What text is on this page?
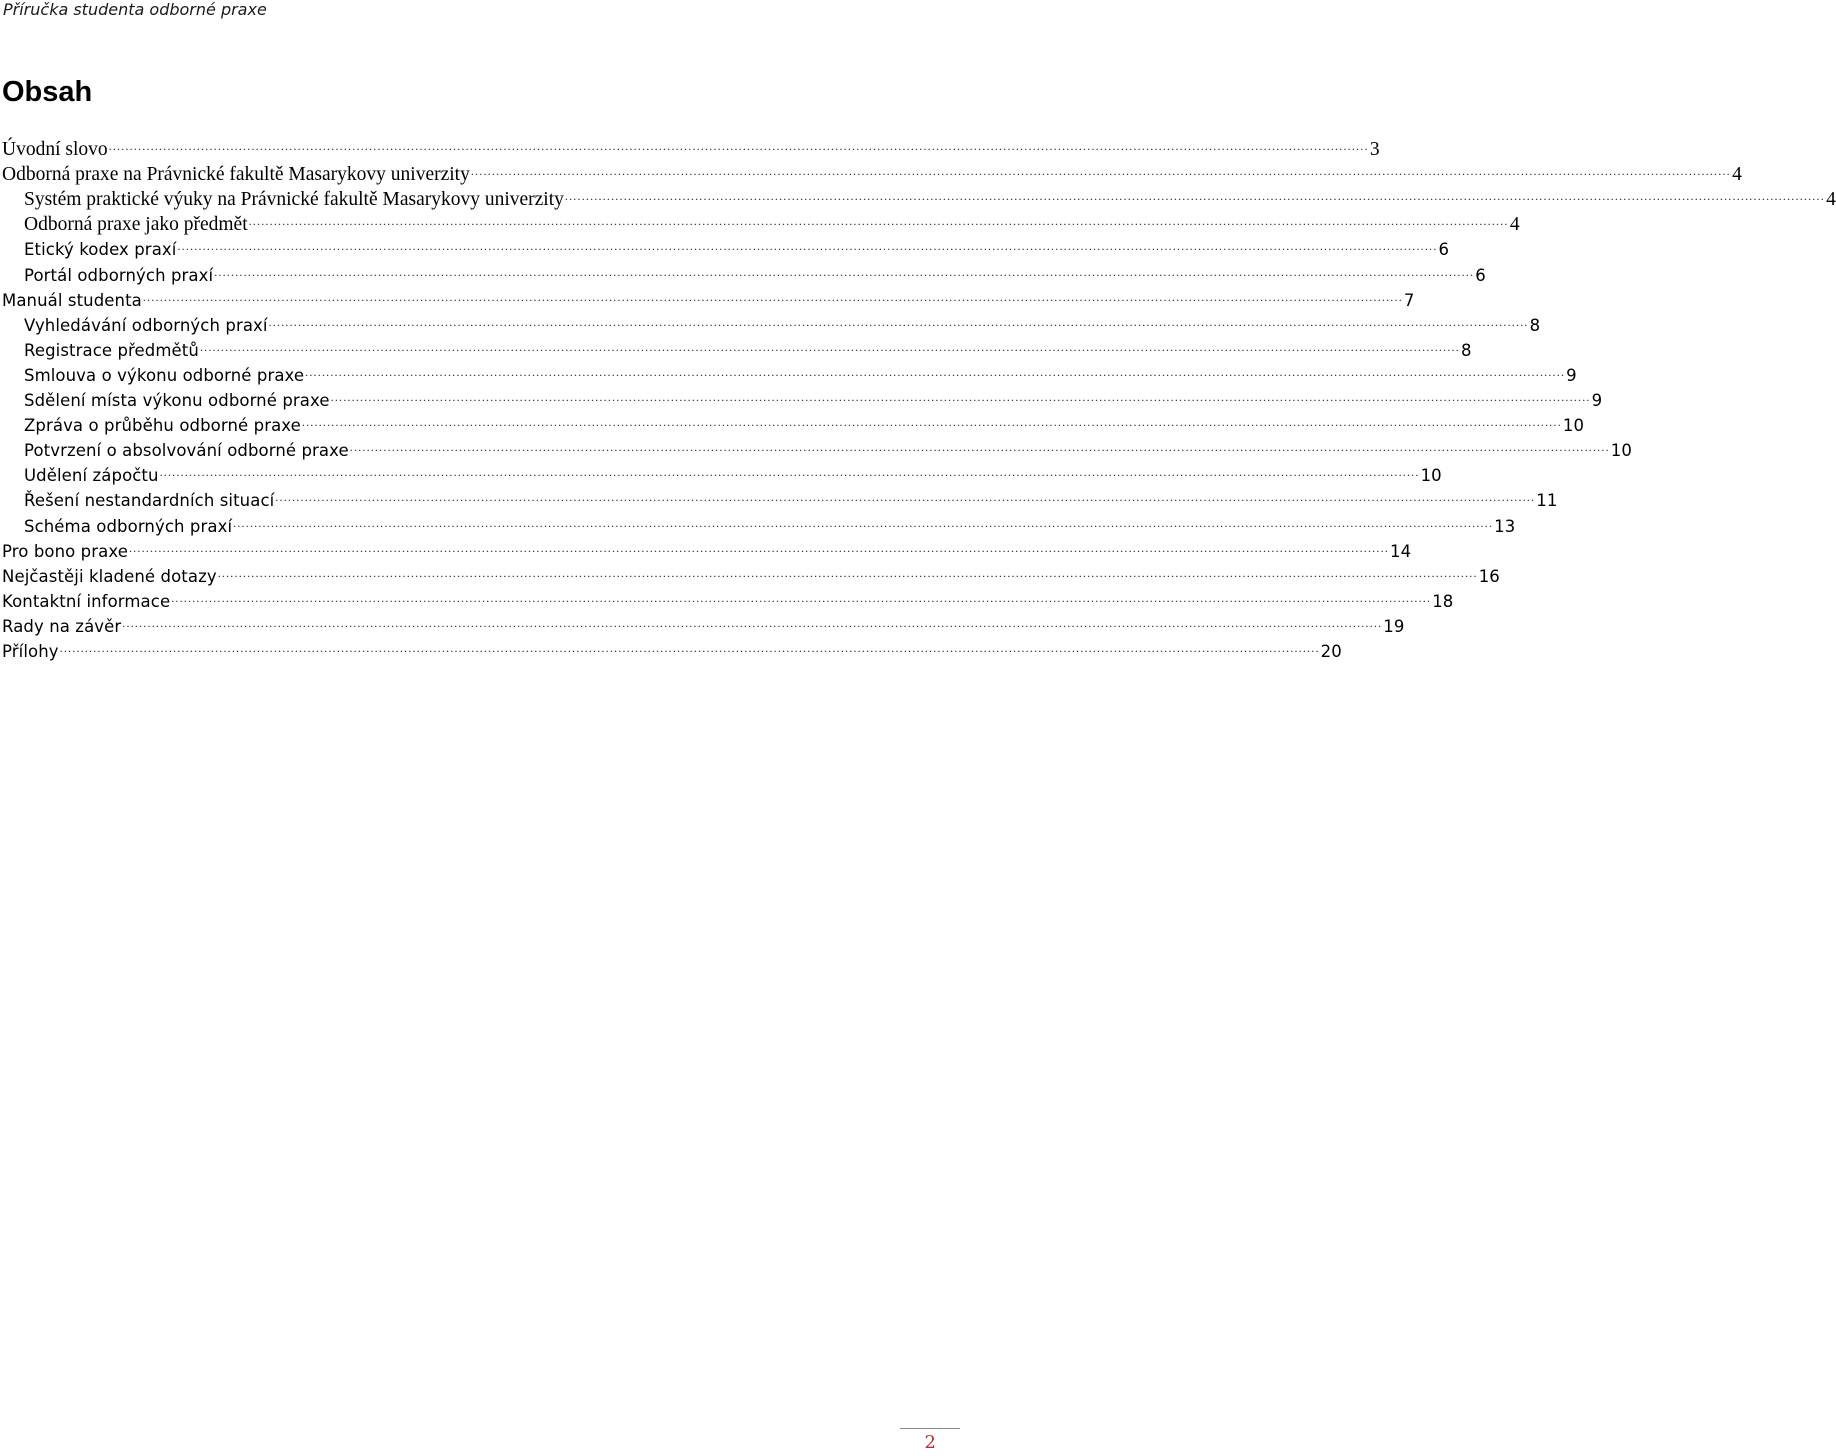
Příručka studenta odborné praxe
Obsah
Úvodní slovo ............................................................................................................................................................................................................................................................................................................ 3
Odborná praxe na Právnické fakultě Masarykovy univerzity ............................................................................................................................................................................................................................................................................................................ 4
Systém praktické výuky na Právnické fakultě Masarykovy univerzity ............................................................................................................................................................................................................................................................................................................ 4
Odborná praxe jako předmět ............................................................................................................................................................................................................................................................................................................ 4
Etický kodex praxí ............................................................................................................................................................................................................................................................................................................ 6
Portál odborných praxí ............................................................................................................................................................................................................................................................................................................ 6
Manuál studenta ............................................................................................................................................................................................................................................................................................................ 7
Vyhledávání odborných praxí ............................................................................................................................................................................................................................................................................................................ 8
Registrace předmětů ............................................................................................................................................................................................................................................................................................................ 8
Smlouva o výkonu odborné praxe ............................................................................................................................................................................................................................................................................................................ 9
Sdělení místa výkonu odborné praxe ............................................................................................................................................................................................................................................................................................................ 9
Zpráva o průběhu odborné praxe ............................................................................................................................................................................................................................................................................................................ 10
Potvrzení o absolvování odborné praxe ............................................................................................................................................................................................................................................................................................................ 10
Udělení zápočtu ............................................................................................................................................................................................................................................................................................................ 10
Řešení nestandardních situací ............................................................................................................................................................................................................................................................................................................ 11
Schéma odborných praxí ............................................................................................................................................................................................................................................................................................................ 13
Pro bono praxe ............................................................................................................................................................................................................................................................................................................ 14
Nejčastěji kladené dotazy ............................................................................................................................................................................................................................................................................................................ 16
Kontaktní informace ............................................................................................................................................................................................................................................................................................................ 18
Rady na závěr ............................................................................................................................................................................................................................................................................................................ 19
Přílohy ............................................................................................................................................................................................................................................................................................................ 20
2
